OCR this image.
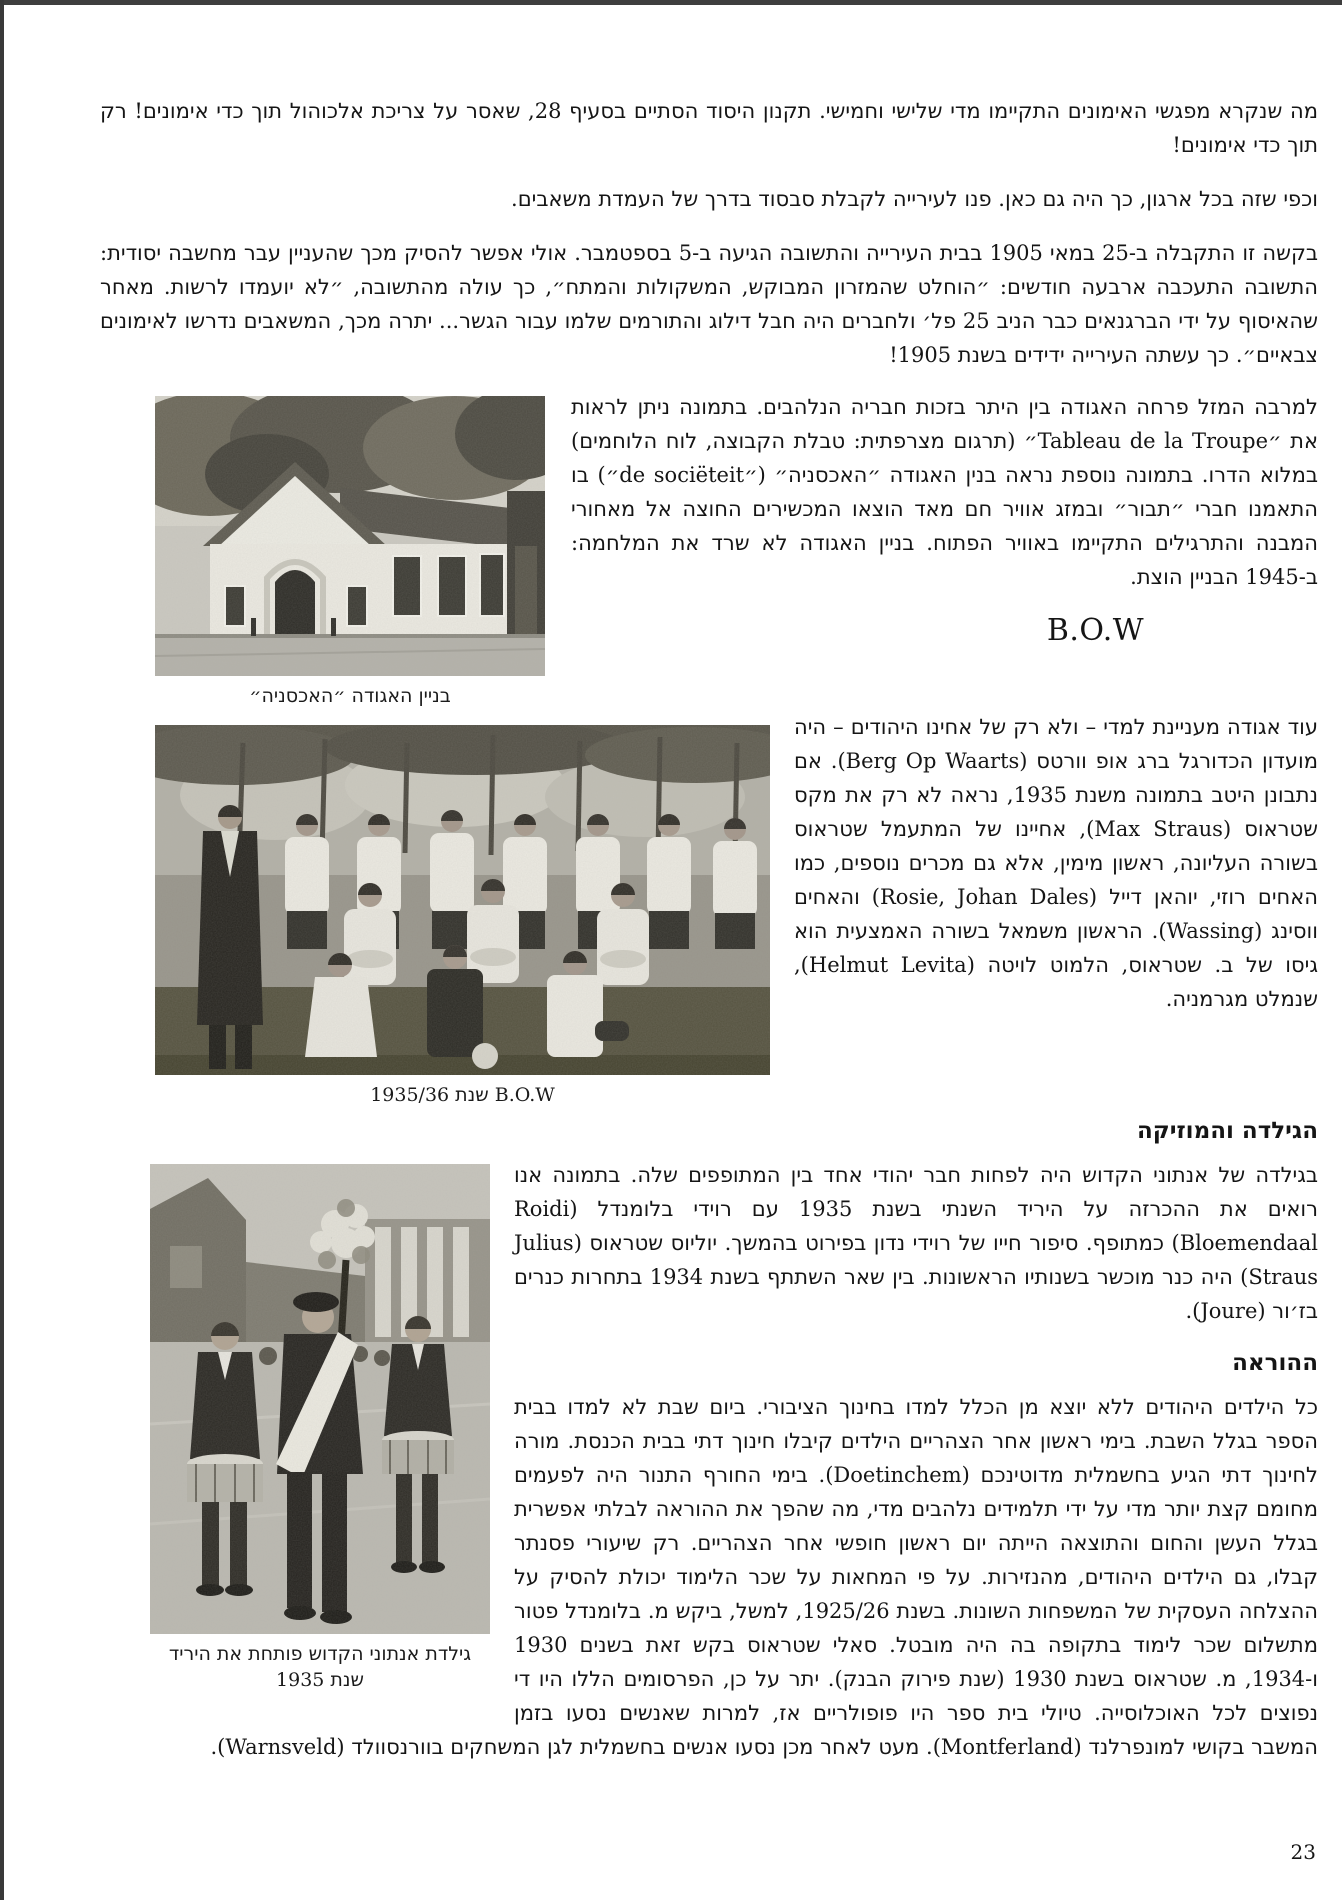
מה שנקרא מפגשי האימונים התקיימו מדי שלישי וחמישי. תקנון היסוד הסתיים בסעיף 28, שאסר על צריכת אלכוהול תוך כדי אימונים! רק תוך כדי אימונים!

וכפי שזה בכל ארגון, כך היה גם כאן. פנו לעירייה לקבלת סבסוד בדרך של העמדת משאבים.

בקשה זו התקבלה ב-25 במאי 1905 בבית העירייה והתשובה הגיעה ב-5 בספטמבר. אולי אפשר להסיק מכך שהעניין עבר מחשבה יסודית: התשובה התעכבה ארבעה חודשים: ״הוחלט שהמזרון המבוקש, המשקולות והמתח״, כך עולה מהתשובה, ״לא יועמדו לרשות. מאחר שהאיסוף על ידי הברגנאים כבר הניב 25 פל׳ ולחברים היה חבל דילוג והתורמים שלמו עבור הגשר... יתרה מכך, המשאבים נדרשו לאימונים צבאיים״. כך עשתה העירייה ידידים בשנת 1905!

בניין האגודה ״האכסניה״

למרבה המזל פרחה האגודה בין היתר בזכות חבריה הנלהבים. בתמונה ניתן לראות את ״Tableau de la Troupe״ (תרגום מצרפתית: טבלת הקבוצה, לוח הלוחמים) במלוא הדרו. בתמונה נוספת נראה בנין האגודה ״האכסניה״ (״de sociëteit״) בו התאמנו חברי ״תבור״ ובמזג אוויר חם מאד הוצאו המכשירים החוצה אל מאחורי המבנה והתרגילים התקיימו באוויר הפתוח. בניין האגודה לא שרד את המלחמה: ב-1945 הבניין הוצת.

B.O.W
B.O.W שנת 1935/36

עוד אגודה מעניינת למדי – ולא רק של אחינו היהודים – היה מועדון הכדורגל ברג אופ וורטס (Berg Op Waarts). אם נתבונן היטב בתמונה משנת 1935, נראה לא רק את מקס שטראוס (Max Straus), אחיינו של המתעמל שטראוס בשורה העליונה, ראשון מימין, אלא גם מכרים נוספים, כמו האחים רוזי, יוהאן דייל (Rosie, Johan Dales) והאחים ווסינג (Wassing). הראשון משמאל בשורה האמצעית הוא גיסו של ב. שטראוס, הלמוט לויטה (Helmut Levita), שנמלט מגרמניה.

הגילדה והמוזיקה
גילדת אנתוני הקדוש פותחת את היריד
שנת 1935

בגילדה של אנתוני הקדוש היה לפחות חבר יהודי אחד בין המתופפים שלה. בתמונה אנו רואים את ההכרזה על היריד השנתי בשנת 1935 עם רוידי בלומנדל (Roidi Bloemendaal) כמתופף. סיפור חייו של רוידי נדון בפירוט בהמשך. יוליוס שטראוס (Julius Straus) היה כנר מוכשר בשנותיו הראשונות. בין שאר השתתף בשנת 1934 בתחרות כנרים בז׳ור (Joure).

ההוראה

כל הילדים היהודים ללא יוצא מן הכלל למדו בחינוך הציבורי. ביום שבת לא למדו בבית הספר בגלל השבת. בימי ראשון אחר הצהריים הילדים קיבלו חינוך דתי בבית הכנסת. מורה לחינוך דתי הגיע בחשמלית מדוטינכם (Doetinchem). בימי החורף התנור היה לפעמים מחומם קצת יותר מדי על ידי תלמידים נלהבים מדי, מה שהפך את ההוראה לבלתי אפשרית בגלל העשן והחום והתוצאה הייתה יום ראשון חופשי אחר הצהריים. רק שיעורי פסנתר קבלו, גם הילדים היהודים, מהנזירות. על פי המחאות על שכר הלימוד יכולת להסיק על ההצלחה העסקית של המשפחות השונות. בשנת 1925/26, למשל, ביקש מ. בלומנדל פטור מתשלום שכר לימוד בתקופה בה היה מובטל. סאלי שטראוס בקש זאת בשנים 1930 ו-1934, מ. שטראוס בשנת 1930 (שנת פירוק הבנק). יתר על כן, הפרסומים הללו היו די נפוצים לכל האוכלוסייה. טיולי בית ספר היו פופולריים אז, למרות שאנשים נסעו בזמן המשבר בקושי למונפרלנד (Montferland). מעט לאחר מכן נסעו אנשים בחשמלית לגן המשחקים בוורנסוולד (Warnsveld).

23
